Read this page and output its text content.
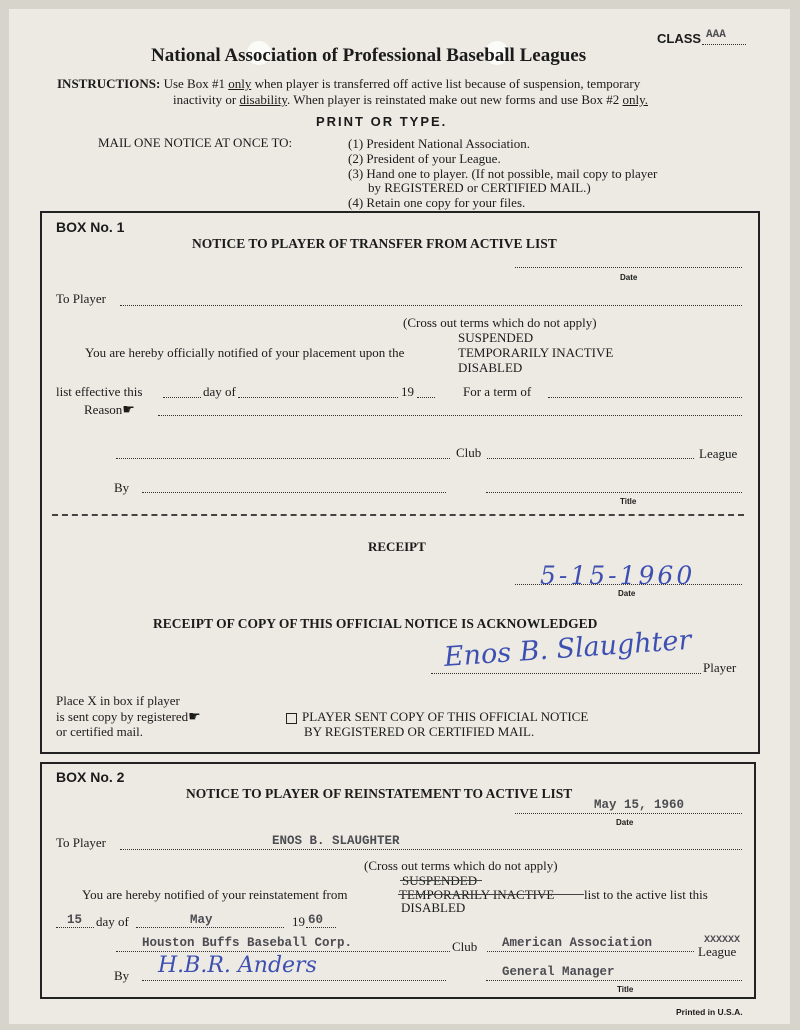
CLASS AAA
National Association of Professional Baseball Leagues
INSTRUCTIONS: Use Box #1 only when player is transferred off active list because of suspension, temporary
inactivity or disability. When player is reinstated make out new forms and use Box #2 only.
PRINT OR TYPE.
MAIL ONE NOTICE AT ONCE TO:	(1) President National Association.
(2) President of your League.
(3) Hand one to player. (If not possible, mail copy to player
by REGISTERED or CERTIFIED MAIL.)
(4) Retain one copy for your files.
BOX No. 1
NOTICE TO PLAYER OF TRANSFER FROM ACTIVE LIST
Date
To Player
(Cross out terms which do not apply)
SUSPENDED
You are hereby officially notified of your placement upon the	TEMPORARILY INACTIVE
DISABLED
list effective this	day of	19	For a term of
Reason☛
Club	League
By
Title
RECEIPT
5-15-1960
Date
RECEIPT OF COPY OF THIS OFFICIAL NOTICE IS ACKNOWLEDGED
Enos B. Slaughter Player
Place X in box if player
is sent copy by registered☛
or certified mail.
PLAYER SENT COPY OF THIS OFFICIAL NOTICE
BY REGISTERED OR CERTIFIED MAIL.
BOX No. 2
NOTICE TO PLAYER OF REINSTATEMENT TO ACTIVE LIST
May 15, 1960
Date
To Player	ENOS B. SLAUGHTER
(Cross out terms which do not apply)
SUSPENDED
You are hereby notified of your reinstatement from	TEMPORARILY INACTIVE list to the active list this
DISABLED
15 day of	May	19 60
Houston Buffs Baseball Corp.	Club American Association	XXXXXX
League
By H.B.R. Anders	General Manager
Title
Printed in U.S.A.
